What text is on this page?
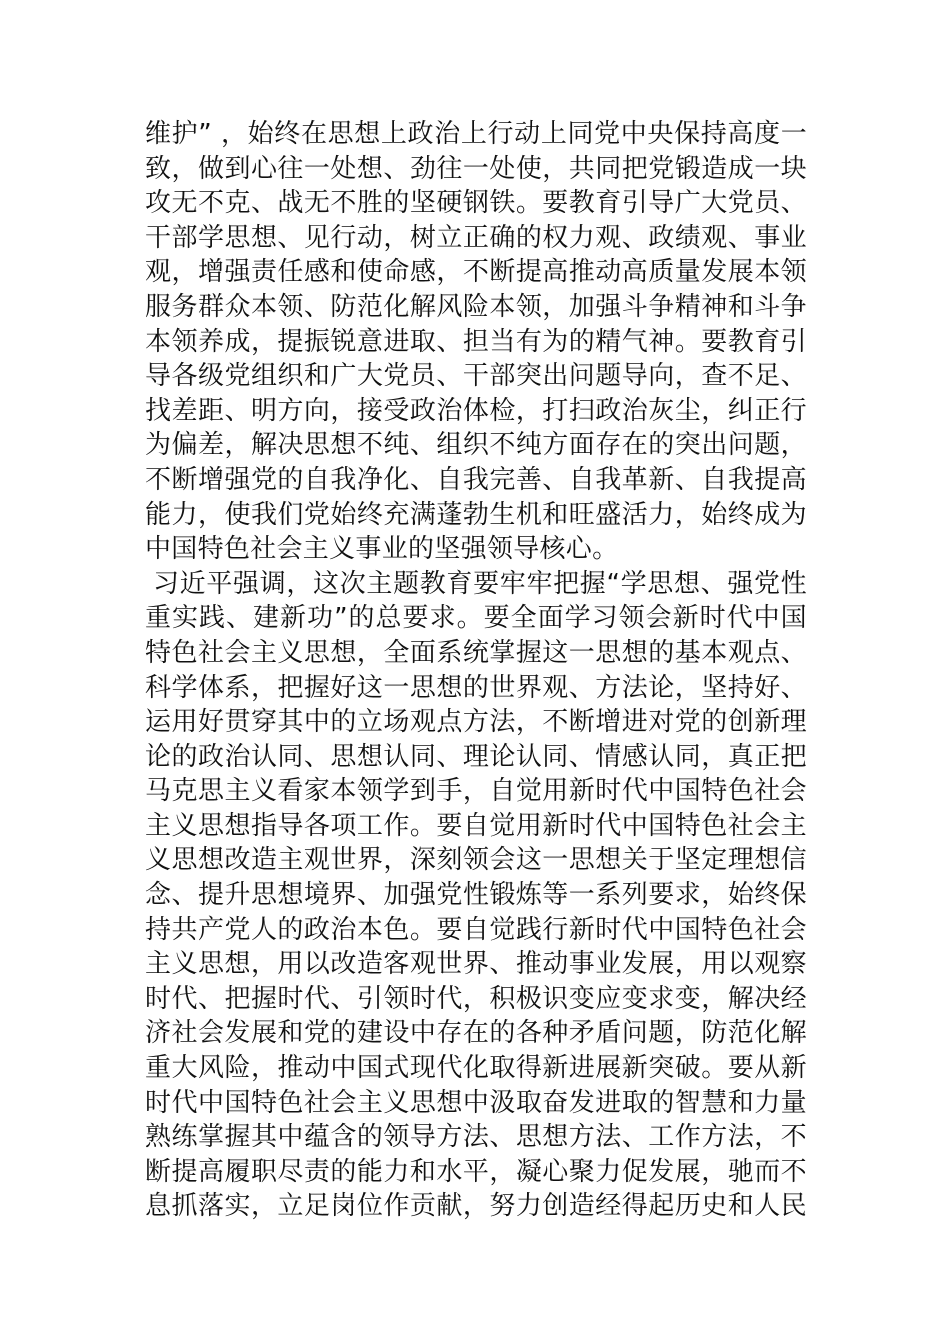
维护” ，始终在思想上政治上行动上同党中央保持高度一
致，做到心往一处想、劲往一处使，共同把党锻造成一块
攻无不克、战无不胜的坚硬钢铁。要教育引导广大党员、
干部学思想、见行动，树立正确的权力观、政绩观、事业
观，增强责任感和使命感，不断提高推动高质量发展本领
服务群众本领、防范化解风险本领，加强斗争精神和斗争
本领养成，提振锐意进取、担当有为的精气神。要教育引
导各级党组织和广大党员、干部突出问题导向，查不足、
找差距、明方向，接受政治体检，打扫政治灰尘，纠正行
为偏差，解决思想不纯、组织不纯方面存在的突出问题，
不断增强党的自我净化、自我完善、自我革新、自我提高
能力，使我们党始终充满蓬勃生机和旺盛活力，始终成为
中国特色社会主义事业的坚强领导核心。
习近平强调，这次主题教育要牢牢把握“学思想、强党性
重实践、建新功”的总要求。要全面学习领会新时代中国
特色社会主义思想，全面系统掌握这一思想的基本观点、
科学体系，把握好这一思想的世界观、方法论，坚持好、
运用好贯穿其中的立场观点方法，不断增进对党的创新理
论的政治认同、思想认同、理论认同、情感认同，真正把
马克思主义看家本领学到手，自觉用新时代中国特色社会
主义思想指导各项工作。要自觉用新时代中国特色社会主
义思想改造主观世界，深刻领会这一思想关于坚定理想信
念、提升思想境界、加强党性锻炼等一系列要求，始终保
持共产党人的政治本色。要自觉践行新时代中国特色社会
主义思想，用以改造客观世界、推动事业发展，用以观察
时代、把握时代、引领时代，积极识变应变求变，解决经
济社会发展和党的建设中存在的各种矛盾问题，防范化解
重大风险，推动中国式现代化取得新进展新突破。要从新
时代中国特色社会主义思想中汲取奋发进取的智慧和力量
熟练掌握其中蕴含的领导方法、思想方法、工作方法，不
断提高履职尽责的能力和水平，凝心聚力促发展，驰而不
息抓落实，立足岗位作贡献，努力创造经得起历史和人民
